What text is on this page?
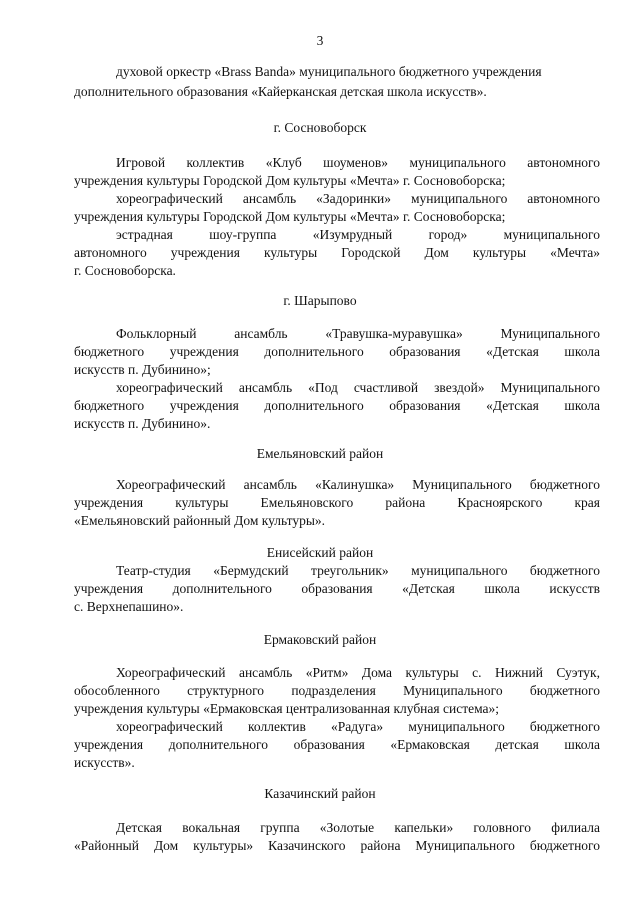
3
духовой оркестр «Brass Banda» муниципального бюджетного учреждения
дополнительного образования «Кайерканская детская школа искусств».
г. Сосновоборск
Игровой коллектив «Клуб шоуменов» муниципального автономного
учреждения культуры Городской Дом культуры «Мечта» г. Сосновоборска;
хореографический ансамбль «Задоринки» муниципального автономного
учреждения культуры Городской Дом культуры «Мечта» г. Сосновоборска;
эстрадная шоу-группа «Изумрудный город» муниципального
автономного учреждения культуры Городской Дом культуры «Мечта»
г. Сосновоборска.
г. Шарыпово
Фольклорный ансамбль «Травушка-муравушка» Муниципального
бюджетного учреждения дополнительного образования «Детская школа
искусств п. Дубинино»;
хореографический ансамбль «Под счастливой звездой» Муниципального
бюджетного учреждения дополнительного образования «Детская школа
искусств п. Дубинино».
Емельяновский район
Хореографический ансамбль «Калинушка» Муниципального бюджетного
учреждения культуры Емельяновского района Красноярского края
«Емельяновский районный Дом культуры».
Енисейский район
Театр-студия «Бермудский треугольник» муниципального бюджетного
учреждения дополнительного образования «Детская школа искусств
с. Верхнепашино».
Ермаковский район
Хореографический ансамбль «Ритм» Дома культуры с. Нижний Суэтук,
обособленного структурного подразделения Муниципального бюджетного
учреждения культуры «Ермаковская централизованная клубная система»;
хореографический коллектив «Радуга» муниципального бюджетного
учреждения дополнительного образования «Ермаковская детская школа
искусств».
Казачинский район
Детская вокальная группа «Золотые капельки» головного филиала
«Районный Дом культуры» Казачинского района Муниципального бюджетного
